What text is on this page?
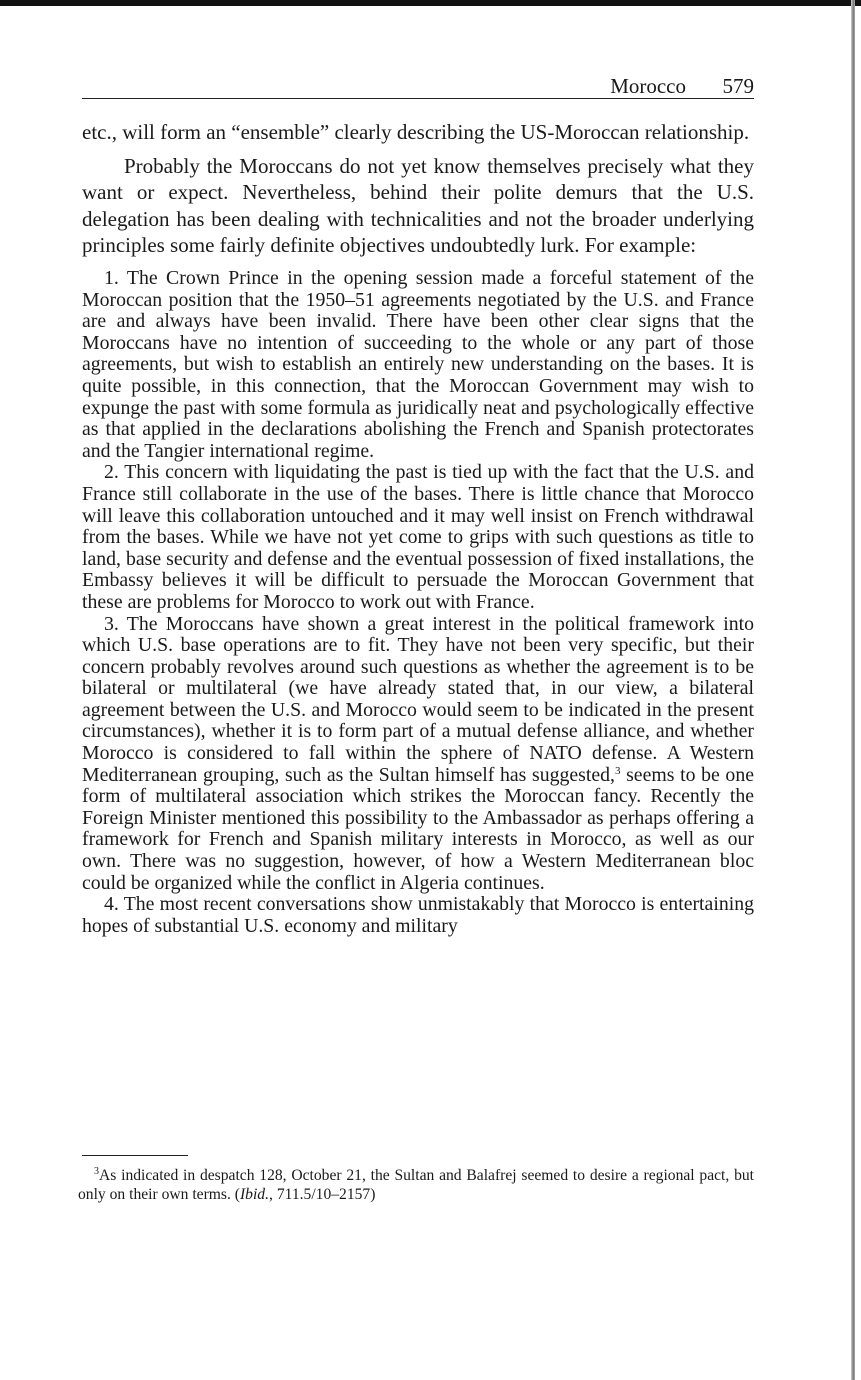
Morocco 579

etc., will form an “ensemble” clearly describing the US-Moroccan relationship.

Probably the Moroccans do not yet know themselves precisely what they want or expect. Nevertheless, behind their polite demurs that the U.S. delegation has been dealing with technicalities and not the broader underlying principles some fairly definite objectives undoubtedly lurk. For example:

1. The Crown Prince in the opening session made a forceful statement of the Moroccan position that the 1950–51 agreements negotiated by the U.S. and France are and always have been invalid. There have been other clear signs that the Moroccans have no intention of succeeding to the whole or any part of those agreements, but wish to establish an entirely new understanding on the bases. It is quite possible, in this connection, that the Moroccan Government may wish to expunge the past with some formula as juridically neat and psychologically effective as that applied in the declarations abolishing the French and Spanish protectorates and the Tangier international regime.

2. This concern with liquidating the past is tied up with the fact that the U.S. and France still collaborate in the use of the bases. There is little chance that Morocco will leave this collaboration untouched and it may well insist on French withdrawal from the bases. While we have not yet come to grips with such questions as title to land, base security and defense and the eventual possession of fixed installations, the Embassy believes it will be difficult to persuade the Moroccan Government that these are problems for Morocco to work out with France.

3. The Moroccans have shown a great interest in the political framework into which U.S. base operations are to fit. They have not been very specific, but their concern probably revolves around such questions as whether the agreement is to be bilateral or multilateral (we have already stated that, in our view, a bilateral agreement between the U.S. and Morocco would seem to be indicated in the present circumstances), whether it is to form part of a mutual defense alliance, and whether Morocco is considered to fall within the sphere of NATO defense. A Western Mediterranean grouping, such as the Sultan himself has suggested,$^3$ seems to be one form of multilateral association which strikes the Moroccan fancy. Recently the Foreign Minister mentioned this possibility to the Ambassador as perhaps offering a framework for French and Spanish military interests in Morocco, as well as our own. There was no suggestion, however, of how a Western Mediterranean bloc could be organized while the conflict in Algeria continues.

4. The most recent conversations show unmistakably that Morocco is entertaining hopes of substantial U.S. economy and military

$^3$As indicated in despatch 128, October 21, the Sultan and Balafrej seemed to desire a regional pact, but only on their own terms. (Ibid., 711.5/10–2157)
